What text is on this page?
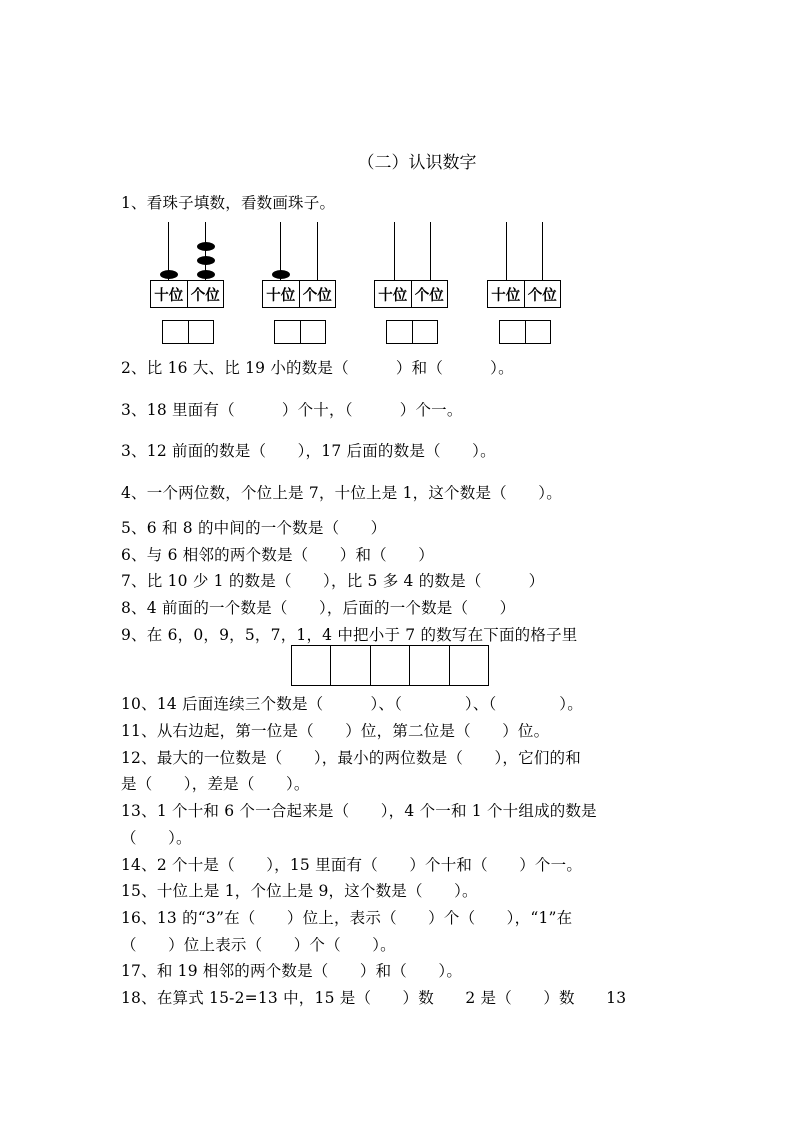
（二）认识数字
1、看珠子填数，看数画珠子。
十位 个位	十位 个位	十位 个位	十位 个位
2、比 16 大、比 19 小的数是（　　　）和（　　　）。
3、18 里面有（　　　）个十，（　　　）个一。
3、12 前面的数是（　　），17 后面的数是（　　）。
4、一个两位数，个位上是 7，十位上是 1，这个数是（　　）。
5、6 和 8 的中间的一个数是（　　）
6、与 6 相邻的两个数是（　　）和（　　）
7、比 10 少 1 的数是（　　），比 5 多 4 的数是（　　　）
8、4 前面的一个数是（　　），后面的一个数是（　　）
9、在 6，0，9，5，7，1，4 中把小于 7 的数写在下面的格子里
10、14 后面连续三个数是（　　　）、（　　　　）、（　　　　）。
11、从右边起，第一位是（　　）位，第二位是（　　）位。
12、最大的一位数是（　　），最小的两位数是（　　），它们的和
是（　　），差是（　　）。
13、1 个十和 6 个一合起来是（　　），4 个一和 1 个十组成的数是
（　　）。
14、2 个十是（　　），15 里面有（　　）个十和（　　）个一。
15、十位上是 1，个位上是 9，这个数是（　　）。
16、13 的“3”在（　　）位上，表示（　　）个（　　），“1”在
（　　）位上表示（　　）个（　　）。
17、和 19 相邻的两个数是（　　）和（　　）。
18、在算式 15-2=13 中，15 是（　　）数　　2 是（　　）数　　13
